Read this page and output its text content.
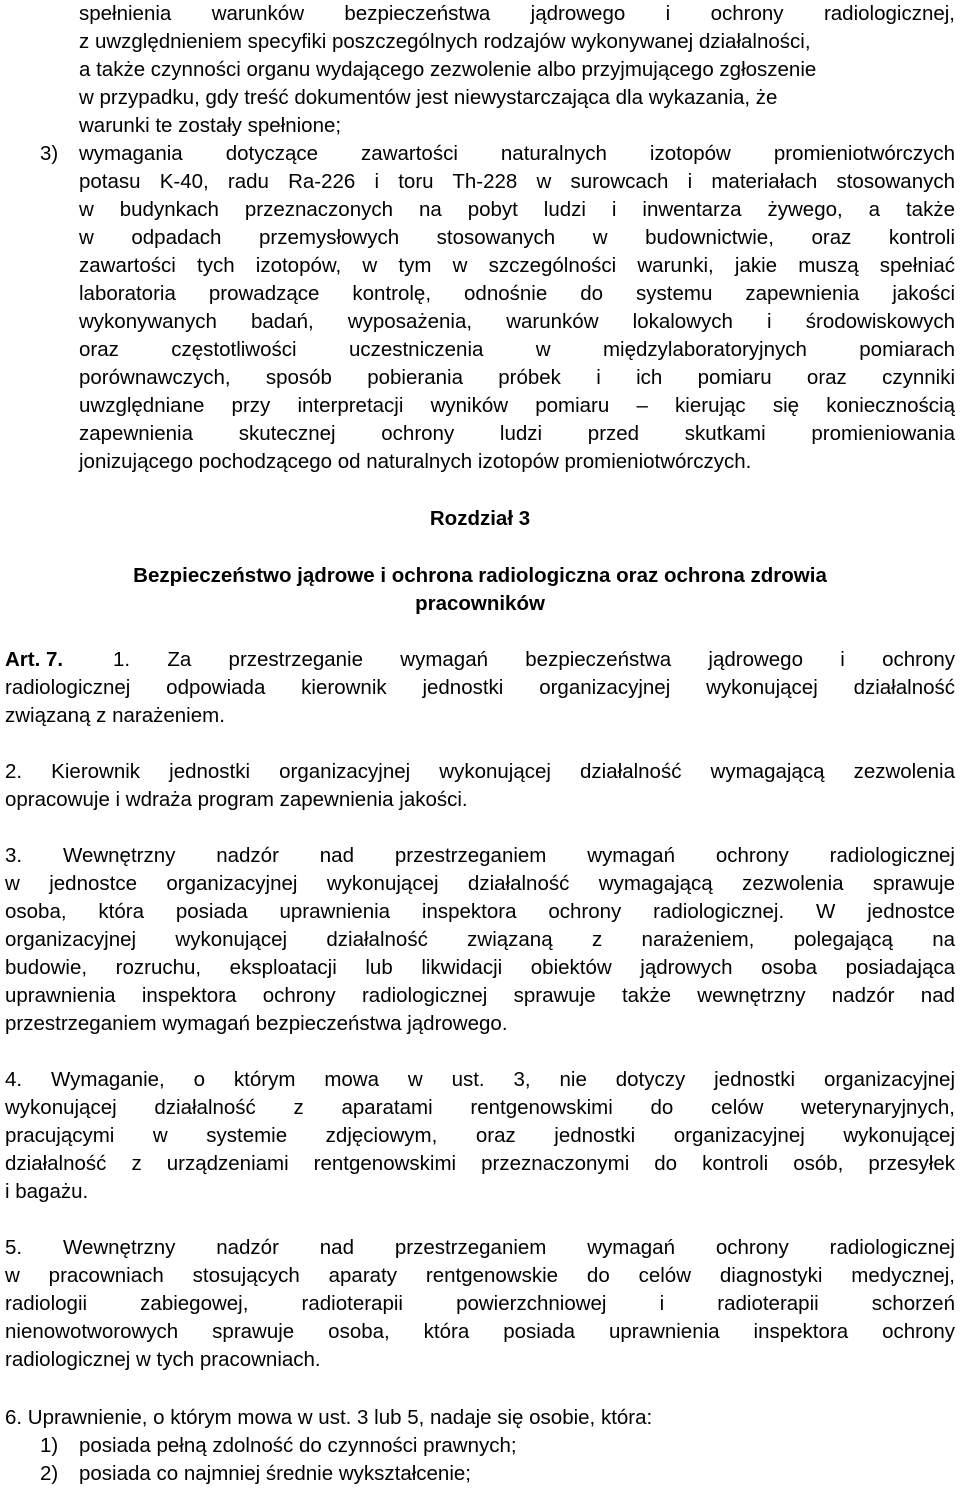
spełnienia warunków bezpieczeństwa jądrowego i ochrony radiologicznej,

z uwzględnieniem specyfiki poszczególnych rodzajów wykonywanej działalności,

a także czynności organu wydającego zezwolenie albo przyjmującego zgłoszenie

w przypadku, gdy treść dokumentów jest niewystarczająca dla wykazania, że

warunki te zostały spełnione;

3) wymagania dotyczące zawartości naturalnych izotopów promieniotwórczych

potasu K-40, radu Ra-226 i toru Th-228 w surowcach i materiałach stosowanych

w budynkach przeznaczonych na pobyt ludzi i inwentarza żywego, a także

w odpadach przemysłowych stosowanych w budownictwie, oraz kontroli

zawartości tych izotopów, w tym w szczególności warunki, jakie muszą spełniać

laboratoria prowadzące kontrolę, odnośnie do systemu zapewnienia jakości

wykonywanych badań, wyposażenia, warunków lokalowych i środowiskowych

oraz częstotliwości uczestniczenia w międzylaboratoryjnych pomiarach

porównawczych, sposób pobierania próbek i ich pomiaru oraz czynniki

uwzględniane przy interpretacji wyników pomiaru – kierując się koniecznością

zapewnienia skutecznej ochrony ludzi przed skutkami promieniowania

jonizującego pochodzącego od naturalnych izotopów promieniotwórczych.

Rozdział 3

Bezpieczeństwo jądrowe i ochrona radiologiczna oraz ochrona zdrowia

pracowników

Art. 7. 1. Za przestrzeganie wymagań bezpieczeństwa jądrowego i ochrony

radiologicznej odpowiada kierownik jednostki organizacyjnej wykonującej działalność

związaną z narażeniem.

2. Kierownik jednostki organizacyjnej wykonującej działalność wymagającą zezwolenia

opracowuje i wdraża program zapewnienia jakości.

3. Wewnętrzny nadzór nad przestrzeganiem wymagań ochrony radiologicznej

w jednostce organizacyjnej wykonującej działalność wymagającą zezwolenia sprawuje

osoba, która posiada uprawnienia inspektora ochrony radiologicznej. W jednostce

organizacyjnej wykonującej działalność związaną z narażeniem, polegającą na

budowie, rozruchu, eksploatacji lub likwidacji obiektów jądrowych osoba posiadająca

uprawnienia inspektora ochrony radiologicznej sprawuje także wewnętrzny nadzór nad

przestrzeganiem wymagań bezpieczeństwa jądrowego.

4. Wymaganie, o którym mowa w ust. 3, nie dotyczy jednostki organizacyjnej

wykonującej działalność z aparatami rentgenowskimi do celów weterynaryjnych,

pracującymi w systemie zdjęciowym, oraz jednostki organizacyjnej wykonującej

działalność z urządzeniami rentgenowskimi przeznaczonymi do kontroli osób, przesyłek

i bagażu.

5. Wewnętrzny nadzór nad przestrzeganiem wymagań ochrony radiologicznej

w pracowniach stosujących aparaty rentgenowskie do celów diagnostyki medycznej,

radiologii zabiegowej, radioterapii powierzchniowej i radioterapii schorzeń

nienowotworowych sprawuje osoba, która posiada uprawnienia inspektora ochrony

radiologicznej w tych pracowniach.

6. Uprawnienie, o którym mowa w ust. 3 lub 5, nadaje się osobie, która:

1) posiada pełną zdolność do czynności prawnych;

2) posiada co najmniej średnie wykształcenie;
